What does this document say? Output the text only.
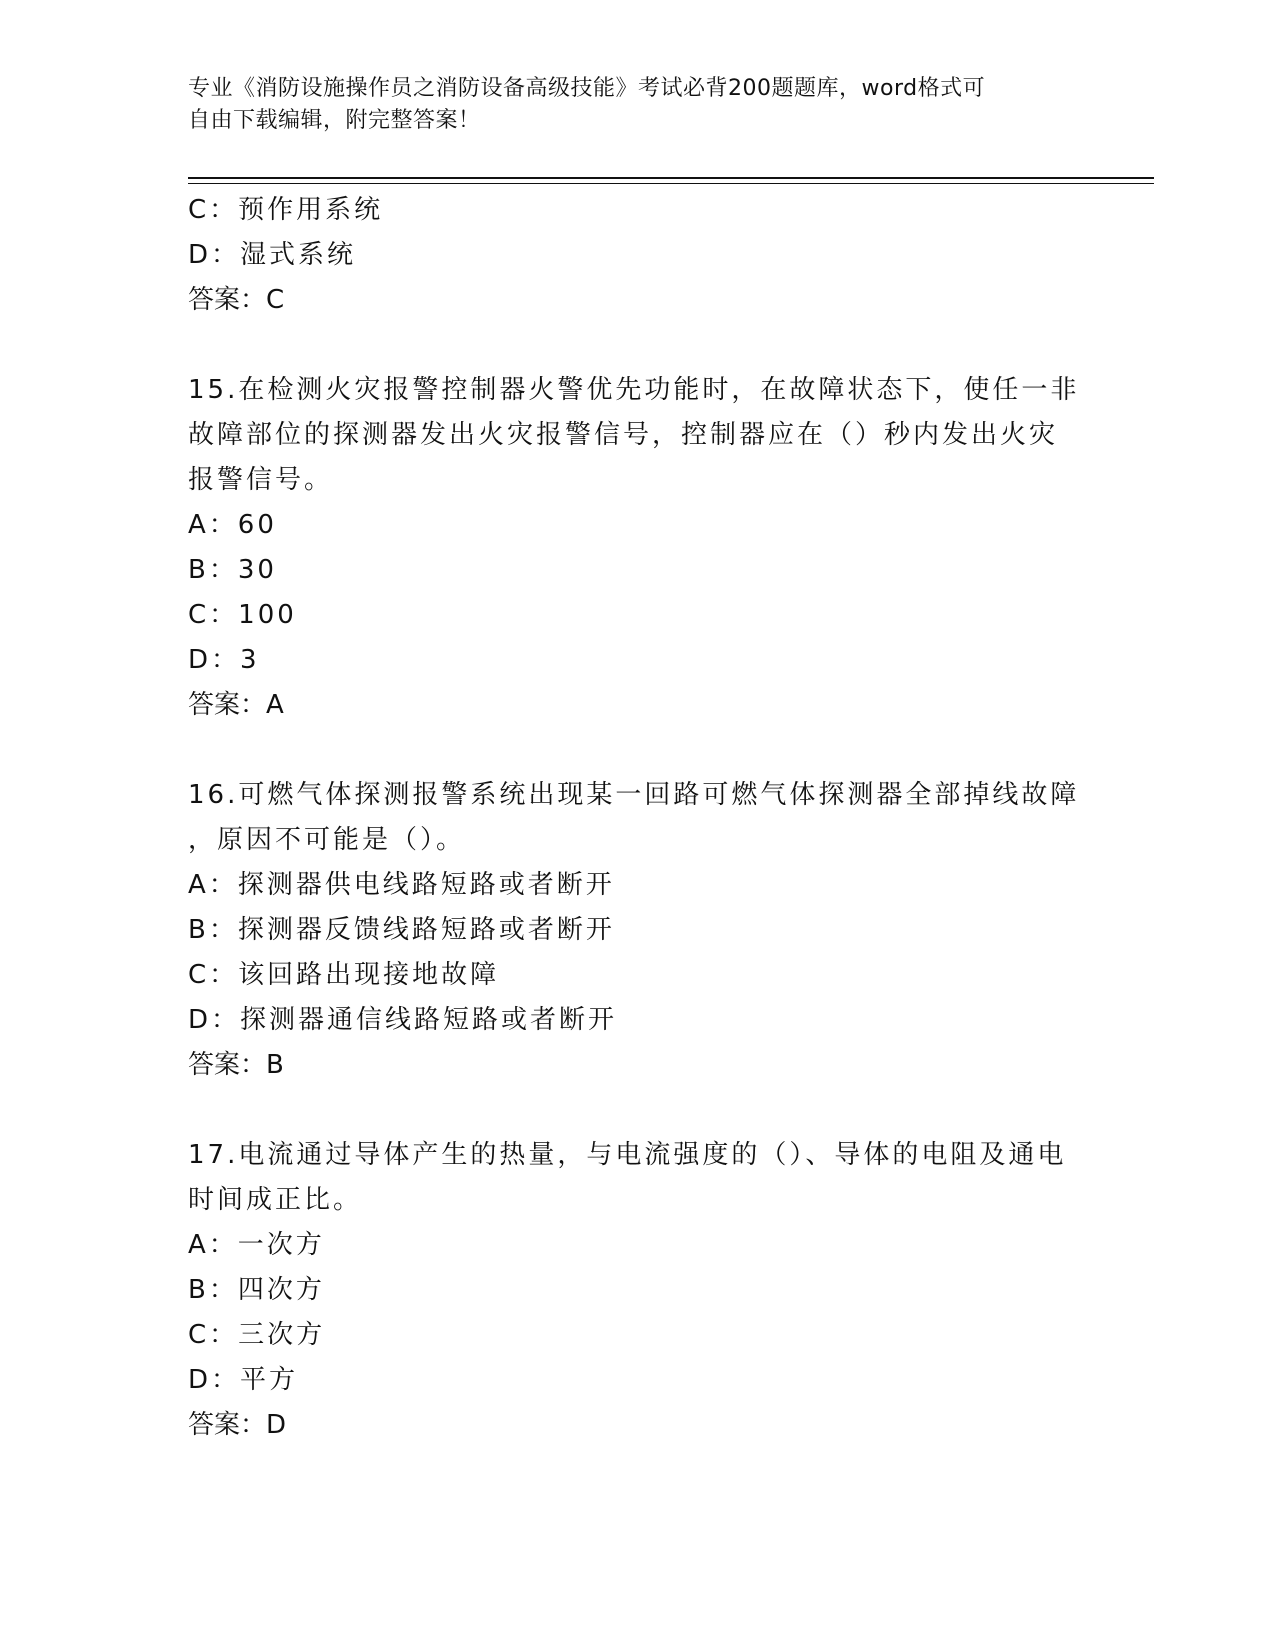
专业《消防设施操作员之消防设备高级技能》考试必背200题题库，word格式可
自由下载编辑，附完整答案！
C：预作用系统
D：湿式系统
答案：C
15.在检测火灾报警控制器火警优先功能时，在故障状态下，使任一非
故障部位的探测器发出火灾报警信号，控制器应在（）秒内发出火灾
报警信号。
A：60
B：30
C：100
D：3
答案：A
16.可燃气体探测报警系统出现某一回路可燃气体探测器全部掉线故障
，原因不可能是（）。
A：探测器供电线路短路或者断开
B：探测器反馈线路短路或者断开
C：该回路出现接地故障
D：探测器通信线路短路或者断开
答案：B
17.电流通过导体产生的热量，与电流强度的（）、导体的电阻及通电
时间成正比。
A：一次方
B：四次方
C：三次方
D：平方
答案：D
